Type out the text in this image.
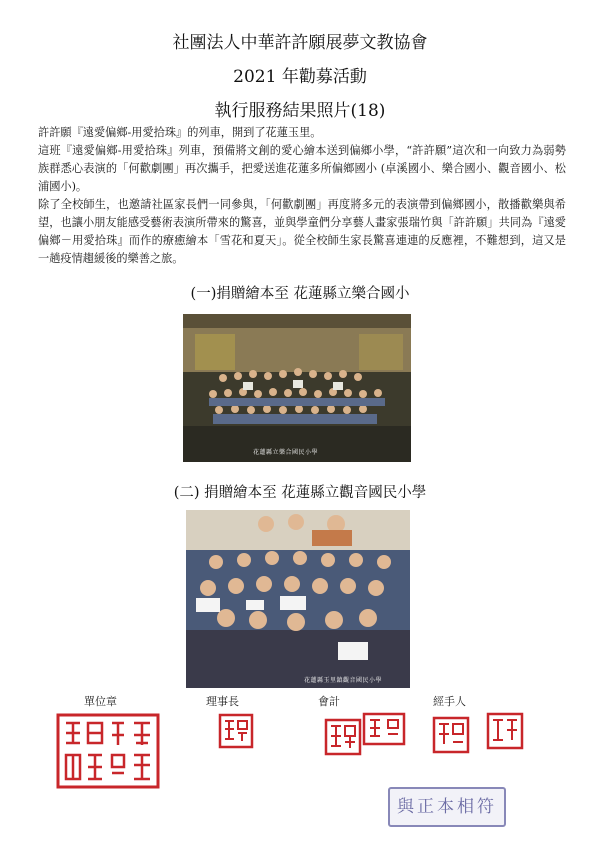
社團法人中華許許願展夢文教協會
2021 年勸募活動
執行服務結果照片(18)
許許願『遠愛偏鄉-用愛拾珠』的列車，開到了花蓮玉里。
這班『遠愛偏鄉-用愛拾珠』列車，預備將文創的愛心繪本送到偏鄉小學，“許許願”這次和一向致力為弱勢族群悉心表演的「何歡劇團」再次攜手，把愛送進花蓮多所偏鄉國小 (卓溪國小、樂合國小、觀音國小、松浦國小)。
除了全校師生，也邀請社區家長們一同參與，「何歡劇團」再度將多元的表演帶到偏鄉國小，散播歡樂與希望，也讓小朋友能感受藝術表演所帶來的驚喜，並與學童們分享藝人畫家張瑞竹與「許許願」共同為『遠愛偏鄉－用愛拾珠』而作的療癒繪本「雪花和夏天」。從全校師生家長驚喜連連的反應裡，不難想到，這又是一趟疫情趨緩後的樂善之旅。
(一)捐贈繪本至 花蓮縣立樂合國小
花蓮縣立樂合國民小學
(二) 捐贈繪本至 花蓮縣立觀音國民小學
花蓮縣玉里鎮觀音國民小學
單位章	理事長	會計	經手人
與正本相符
